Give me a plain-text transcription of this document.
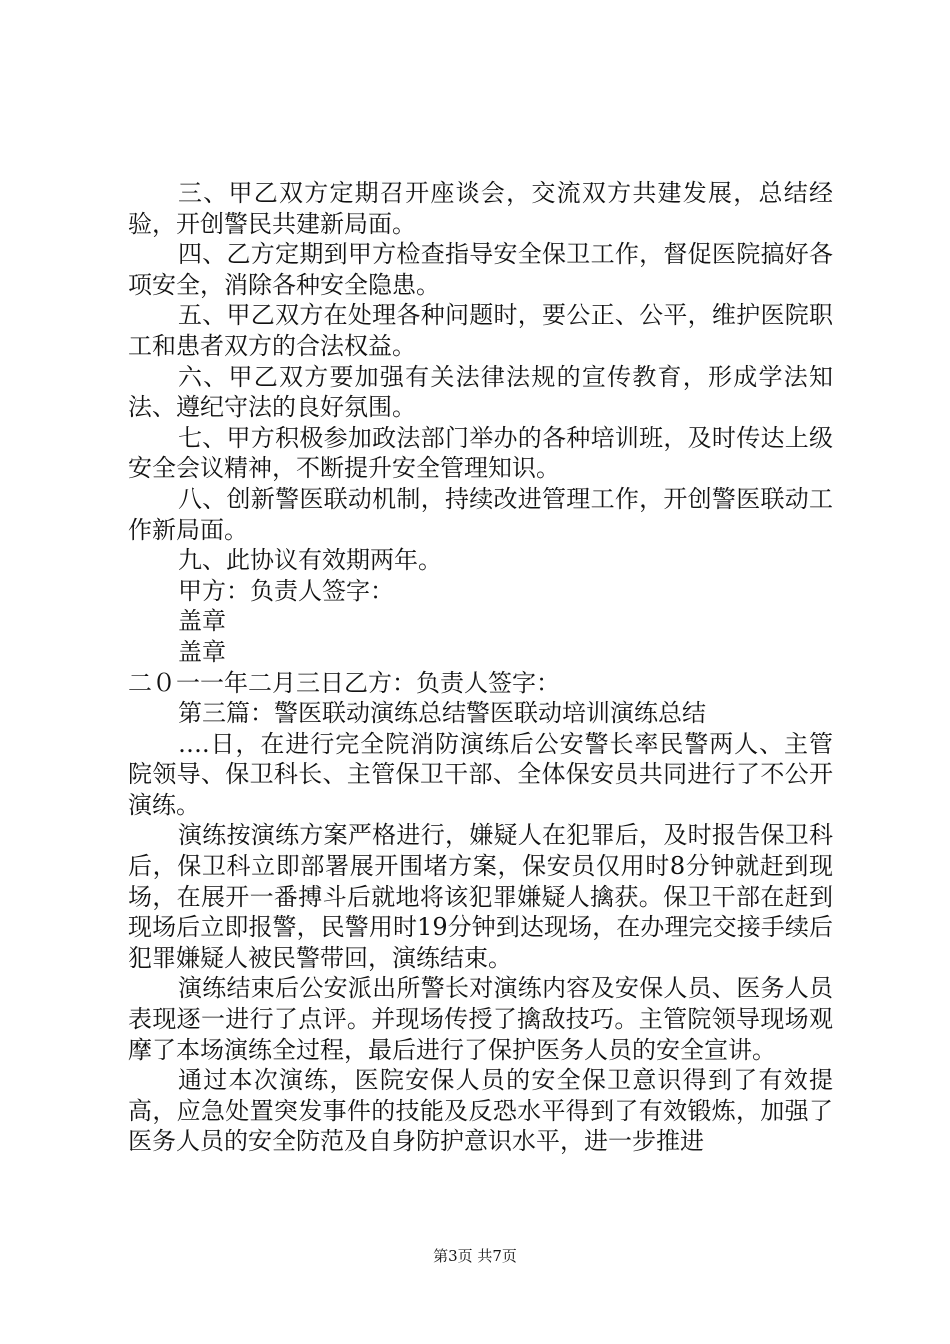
三、甲乙双方定期召开座谈会，交流双方共建发展，总结经验，开创警民共建新局面。

四、乙方定期到甲方检查指导安全保卫工作，督促医院搞好各项安全，消除各种安全隐患。

五、甲乙双方在处理各种问题时，要公正、公平，维护医院职工和患者双方的合法权益。

六、甲乙双方要加强有关法律法规的宣传教育，形成学法知法、遵纪守法的良好氛围。

七、甲方积极参加政法部门举办的各种培训班，及时传达上级安全会议精神，不断提升安全管理知识。

八、创新警医联动机制，持续改进管理工作，开创警医联动工作新局面。

九、此协议有效期两年。

甲方：负责人签字：

盖章

盖章

二０一一年二月三日乙方：负责人签字：

第三篇：警医联动演练总结警医联动培训演练总结

….日，在进行完全院消防演练后公安警长率民警两人、主管院领导、保卫科长、主管保卫干部、全体保安员共同进行了不公开演练。

演练按演练方案严格进行，嫌疑人在犯罪后，及时报告保卫科后，保卫科立即部署展开围堵方案，保安员仅用时8分钟就赶到现场，在展开一番搏斗后就地将该犯罪嫌疑人擒获。保卫干部在赶到现场后立即报警，民警用时19分钟到达现场，在办理完交接手续后犯罪嫌疑人被民警带回，演练结束。

演练结束后公安派出所警长对演练内容及安保人员、医务人员表现逐一进行了点评。并现场传授了擒敌技巧。主管院领导现场观摩了本场演练全过程，最后进行了保护医务人员的安全宣讲。

通过本次演练，医院安保人员的安全保卫意识得到了有效提高，应急处置突发事件的技能及反恐水平得到了有效锻炼，加强了医务人员的安全防范及自身防护意识水平，进一步推进

第3页 共7页
